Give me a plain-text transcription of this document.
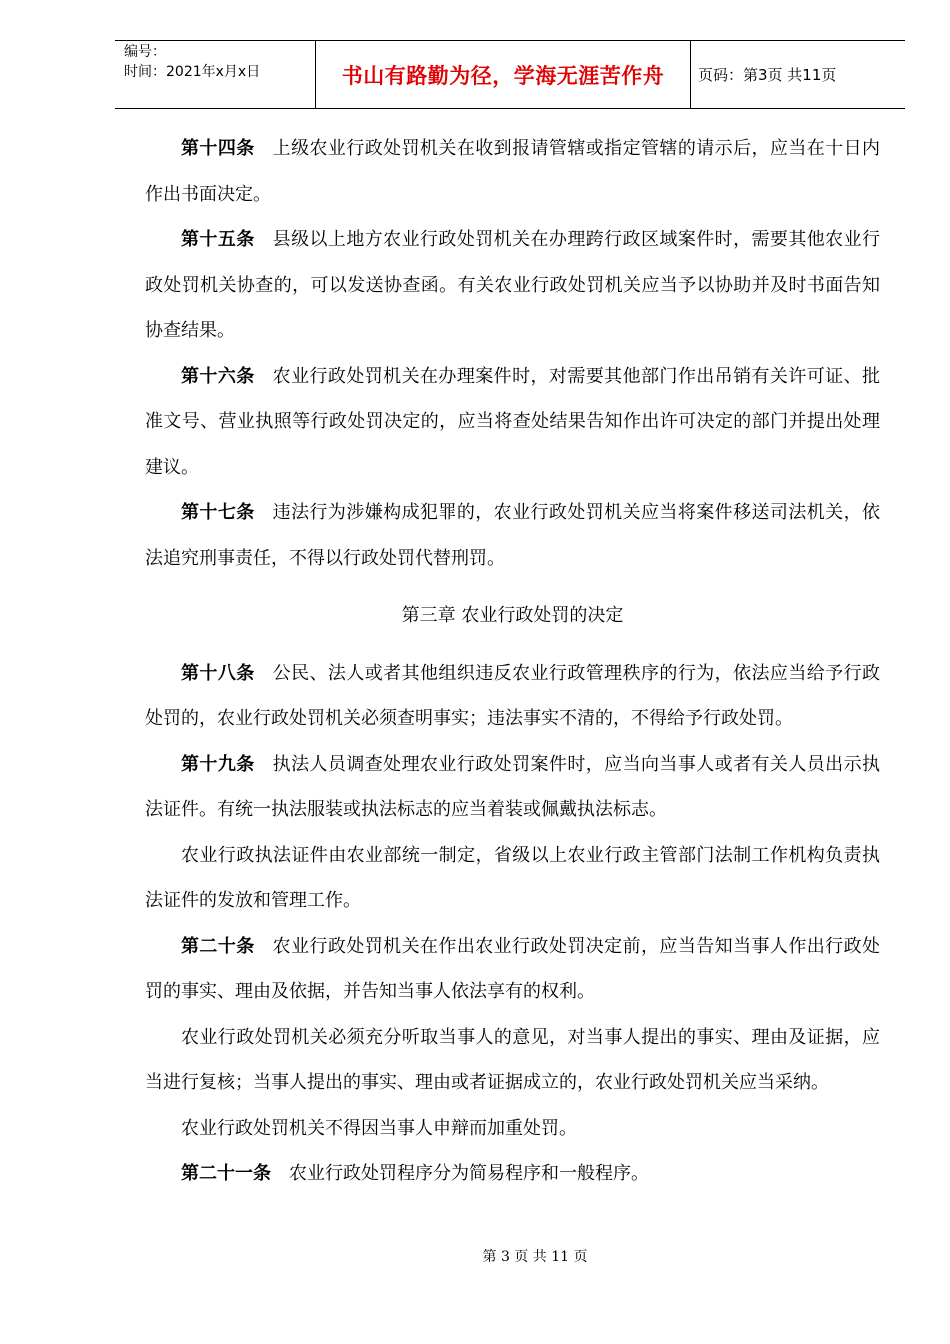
编号：
时间：2021年x月x日	书山有路勤为径，学海无涯苦作舟	页码：第3页 共11页

第十四条 上级农业行政处罚机关在收到报请管辖或指定管辖的请示后，应当在十日内作出书面决定。

第十五条 县级以上地方农业行政处罚机关在办理跨行政区域案件时，需要其他农业行政处罚机关协查的，可以发送协查函。有关农业行政处罚机关应当予以协助并及时书面告知协查结果。

第十六条 农业行政处罚机关在办理案件时，对需要其他部门作出吊销有关许可证、批准文号、营业执照等行政处罚决定的，应当将查处结果告知作出许可决定的部门并提出处理建议。

第十七条 违法行为涉嫌构成犯罪的，农业行政处罚机关应当将案件移送司法机关，依法追究刑事责任，不得以行政处罚代替刑罚。

第三章 农业行政处罚的决定

第十八条 公民、法人或者其他组织违反农业行政管理秩序的行为，依法应当给予行政处罚的，农业行政处罚机关必须查明事实；违法事实不清的，不得给予行政处罚。

第十九条 执法人员调查处理农业行政处罚案件时，应当向当事人或者有关人员出示执法证件。有统一执法服装或执法标志的应当着装或佩戴执法标志。

农业行政执法证件由农业部统一制定，省级以上农业行政主管部门法制工作机构负责执法证件的发放和管理工作。

第二十条 农业行政处罚机关在作出农业行政处罚决定前，应当告知当事人作出行政处罚的事实、理由及依据，并告知当事人依法享有的权利。

农业行政处罚机关必须充分听取当事人的意见，对当事人提出的事实、理由及证据，应当进行复核；当事人提出的事实、理由或者证据成立的，农业行政处罚机关应当采纳。

农业行政处罚机关不得因当事人申辩而加重处罚。

第二十一条 农业行政处罚程序分为简易程序和一般程序。

第 3 页 共 11 页
